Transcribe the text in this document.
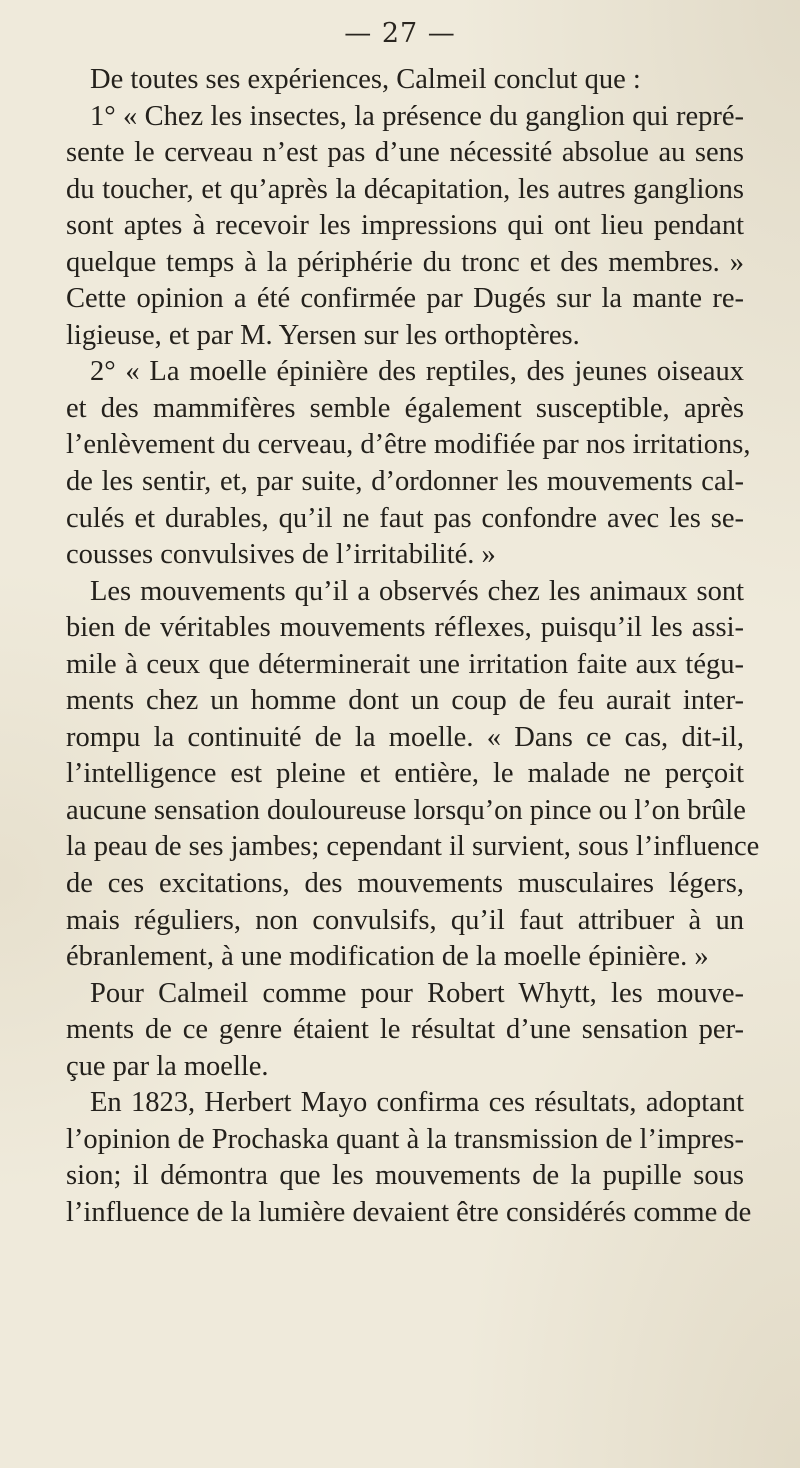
— 27 —
De toutes ses expériences, Calmeil conclut que :
1° « Chez les insectes, la présence du ganglion qui repré-
sente le cerveau n’est pas d’une nécessité absolue au sens
du toucher, et qu’après la décapitation, les autres ganglions
sont aptes à recevoir les impressions qui ont lieu pendant
quelque temps à la périphérie du tronc et des membres. »
Cette opinion a été confirmée par Dugés sur la mante re-
ligieuse, et par M. Yersen sur les orthoptères.
2° « La moelle épinière des reptiles, des jeunes oiseaux
et des mammifères semble également susceptible, après
l’enlèvement du cerveau, d’être modifiée par nos irritations,
de les sentir, et, par suite, d’ordonner les mouvements cal-
culés et durables, qu’il ne faut pas confondre avec les se-
cousses convulsives de l’irritabilité. »
Les mouvements qu’il a observés chez les animaux sont
bien de véritables mouvements réflexes, puisqu’il les assi-
mile à ceux que déterminerait une irritation faite aux tégu-
ments chez un homme dont un coup de feu aurait inter-
rompu la continuité de la moelle. « Dans ce cas, dit-il,
l’intelligence est pleine et entière, le malade ne perçoit
aucune sensation douloureuse lorsqu’on pince ou l’on brûle
la peau de ses jambes; cependant il survient, sous l’influence
de ces excitations, des mouvements musculaires légers,
mais réguliers, non convulsifs, qu’il faut attribuer à un
ébranlement, à une modification de la moelle épinière. »
Pour Calmeil comme pour Robert Whytt, les mouve-
ments de ce genre étaient le résultat d’une sensation per-
çue par la moelle.
En 1823, Herbert Mayo confirma ces résultats, adoptant
l’opinion de Prochaska quant à la transmission de l’impres-
sion; il démontra que les mouvements de la pupille sous
l’influence de la lumière devaient être considérés comme de
